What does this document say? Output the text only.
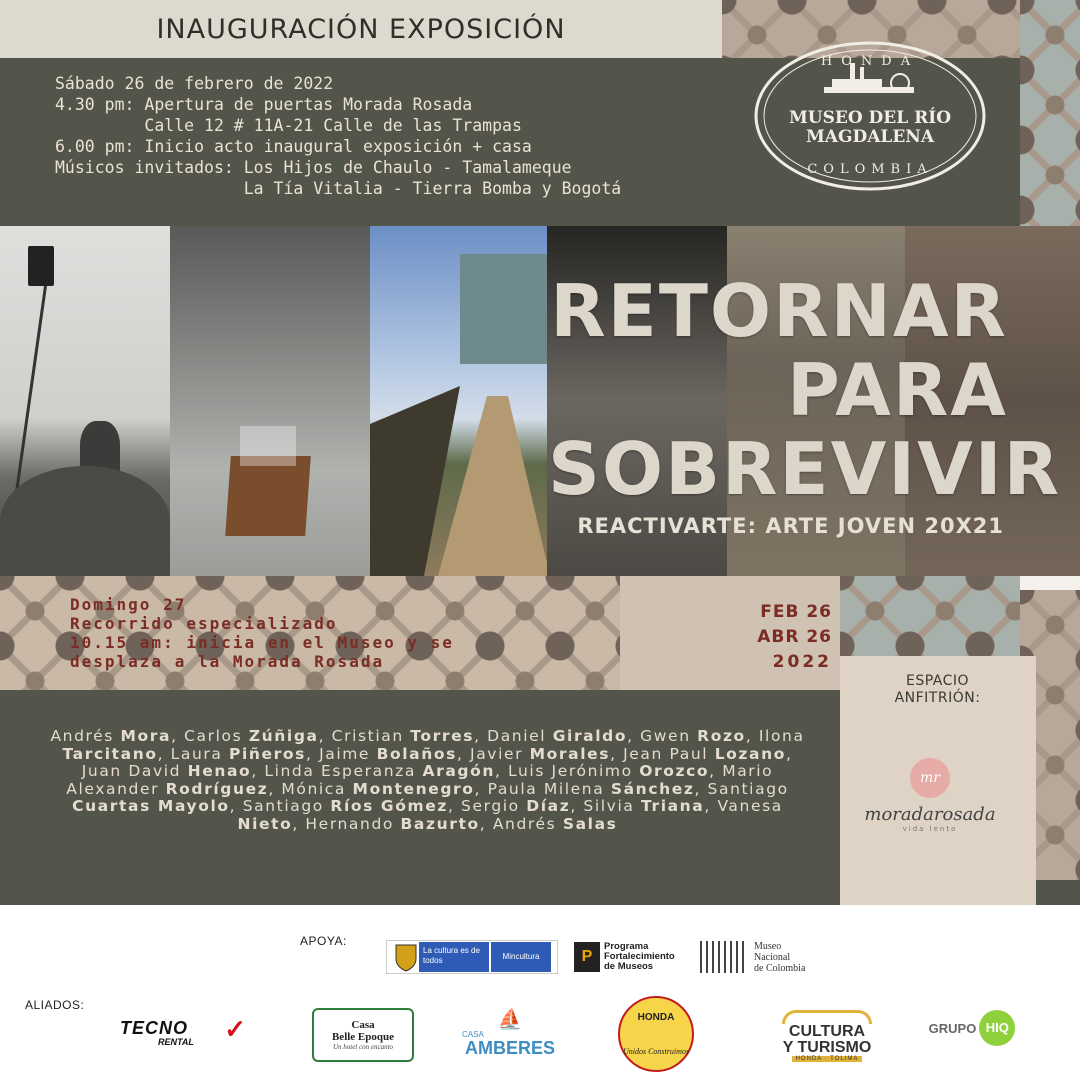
INAUGURACIÓN EXPOSICIÓN
Sábado 26 de febrero de 2022
4.30 pm: Apertura de puertas Morada Rosada
Calle 12 # 11A-21 Calle de las Trampas
6.00 pm: Inicio acto inaugural exposición + casa
Músicos invitados: Los Hijos de Chaulo - Tamalameque
La Tía Vitalia - Tierra Bomba y Bogotá
HONDA
MUSEO DEL RÍO
MAGDALENA
COLOMBIA
RETORNAR
PARA
SOBREVIVIR
REACTIVARTE: ARTE JOVEN 20X21
Domingo 27
Recorrido especializado
10.15 am: inicia en el Museo y se
desplaza a la Morada Rosada
FEB 26
ABR 26
2022
Andrés Mora, Carlos Zúñiga, Cristian Torres, Daniel Giraldo, Gwen Rozo, Ilona Tarcitano, Laura Piñeros, Jaime Bolaños, Javier Morales, Jean Paul Lozano, Juan David Henao, Linda Esperanza Aragón, Luis Jerónimo Orozco, Mario Alexander Rodríguez, Mónica Montenegro, Paula Milena Sánchez, Santiago Cuartas Mayolo, Santiago Ríos Gómez, Sergio Díaz, Silvia Triana, Vanesa Nieto, Hernando Bazurto, Andrés Salas
ESPACIO
ANFITRIÓN:
mr
moradarosada
vida lento
APOYA:
ALIADOS:
La cultura es de todos	Mincultura	P
Programa
Fortalecimiento
de Museos
Museo
Nacional
de Colombia
TECNO
RENTAL ✓	Casa
Belle Epoque
Un hotel con encanto
⛵
CASA
AMBERES
HONDA
Unidos Construimos
CULTURA
Y TURISMO
HONDA · TOLIMA
GRUPO HIQ
